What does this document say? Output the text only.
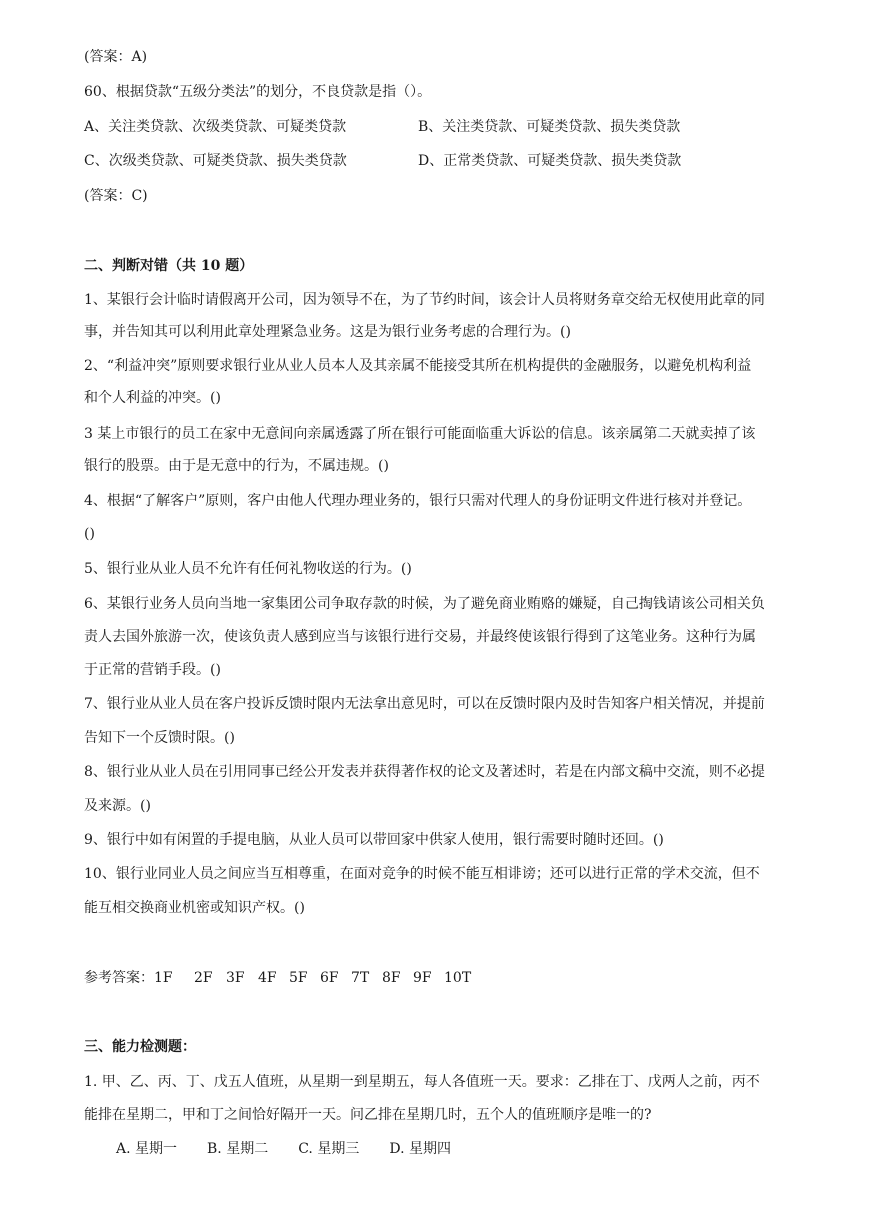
(答案：A)
60、根据贷款“五级分类法”的划分，不良贷款是指（）。
A、关注类贷款、次级类贷款、可疑类贷款	B、关注类贷款、可疑类贷款、损失类贷款
C、次级类贷款、可疑类贷款、损失类贷款	D、正常类贷款、可疑类贷款、损失类贷款
(答案：C)
二、判断对错（共 10 题）
1、某银行会计临时请假离开公司，因为领导不在，为了节约时间，该会计人员将财务章交给无权使用此章的同
事，并告知其可以利用此章处理紧急业务。这是为银行业务考虑的合理行为。()
2、“利益冲突”原则要求银行业从业人员本人及其亲属不能接受其所在机构提供的金融服务，以避免机构利益
和个人利益的冲突。()
3 某上市银行的员工在家中无意间向亲属透露了所在银行可能面临重大诉讼的信息。该亲属第二天就卖掉了该
银行的股票。由于是无意中的行为，不属违规。()
4、根据“了解客户”原则，客户由他人代理办理业务的，银行只需对代理人的身份证明文件进行核对并登记。
()
5、银行业从业人员不允许有任何礼物收送的行为。()
6、某银行业务人员向当地一家集团公司争取存款的时候，为了避免商业贿赂的嫌疑，自己掏钱请该公司相关负
责人去国外旅游一次，使该负责人感到应当与该银行进行交易，并最终使该银行得到了这笔业务。这种行为属
于正常的营销手段。()
7、银行业从业人员在客户投诉反馈时限内无法拿出意见时，可以在反馈时限内及时告知客户相关情况，并提前
告知下一个反馈时限。()
8、银行业从业人员在引用同事已经公开发表并获得著作权的论文及著述时，若是在内部文稿中交流，则不必提
及来源。()
9、银行中如有闲置的手提电脑，从业人员可以带回家中供家人使用，银行需要时随时还回。()
10、银行业同业人员之间应当互相尊重，在面对竞争的时候不能互相诽谤；还可以进行正常的学术交流，但不
能互相交换商业机密或知识产权。()
参考答案：1F 2F 3F 4F 5F 6F 7T 8F 9F 10T
三、能力检测题：
1. 甲、乙、丙、丁、戊五人值班，从星期一到星期五，每人各值班一天。要求：乙排在丁、戊两人之前，丙不
能排在星期二，甲和丁之间恰好隔开一天。问乙排在星期几时，五个人的值班顺序是唯一的?
A. 星期一 B. 星期二 C. 星期三 D. 星期四
